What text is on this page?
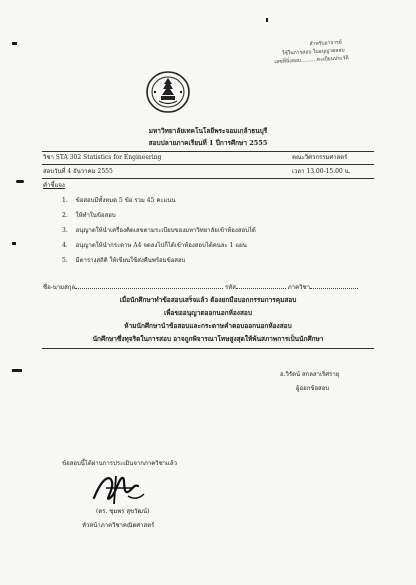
สำหรับอาจารย์
ใช้ในการสอบ ใบอนุญาตสอบ
เลขที่นั่งสอบ..........ทะเบียนประวัติ
มหาวิทยาลัยเทคโนโลยีพระจอมเกล้าธนบุรี
สอบปลายภาคเรียนที่ 1 ปีการศึกษา 2555
วิชา STA 302 Statistics for Engineering	คณะวิศวกรรมศาสตร์
สอบวันที่ 4 ธันวาคม 2555	เวลา 13.00-15.00 น.
คำชี้แจง
1. ข้อสอบมีทั้งหมด 5 ข้อ รวม 45 คะแนน
2. ให้ทำในข้อสอบ
3. อนุญาตให้นำเครื่องคิดเลขตามระเบียบของมหาวิทยาลัยเข้าห้องสอบได้
4. อนุญาตให้นำกระดาษ A4 จดลงไปก็ได้เข้าห้องสอบได้คนละ 1 แผ่น
5. มีตารางสถิติ ให้เขียนใช้ส่งคืนพร้อมข้อสอบ
ชื่อ-นามสกุล	รหัส	ภาควิชา
เมื่อนักศึกษาทำข้อสอบเสร็จแล้ว ต้องยกมือบอกกรรมการคุมสอบ
เพื่อขออนุญาตออกนอกห้องสอบ
ห้ามนักศึกษานำข้อสอบและกระดาษคำตอบออกนอกห้องสอบ
นักศึกษาซึ่งทุจริตในการสอบ อาจถูกพิจารณาโทษสูงสุดให้พ้นสภาพการเป็นนักศึกษา
อ.วิรัตน์ สกลสาเริศรายุ
ผู้ออกข้อสอบ
ข้อสอบนี้ได้ผ่านการประเมินจากภาควิชาแล้ว
(ดร. ชุมพร สุขวัฒน์)
หัวหน้าภาควิชาคณิตศาสตร์
